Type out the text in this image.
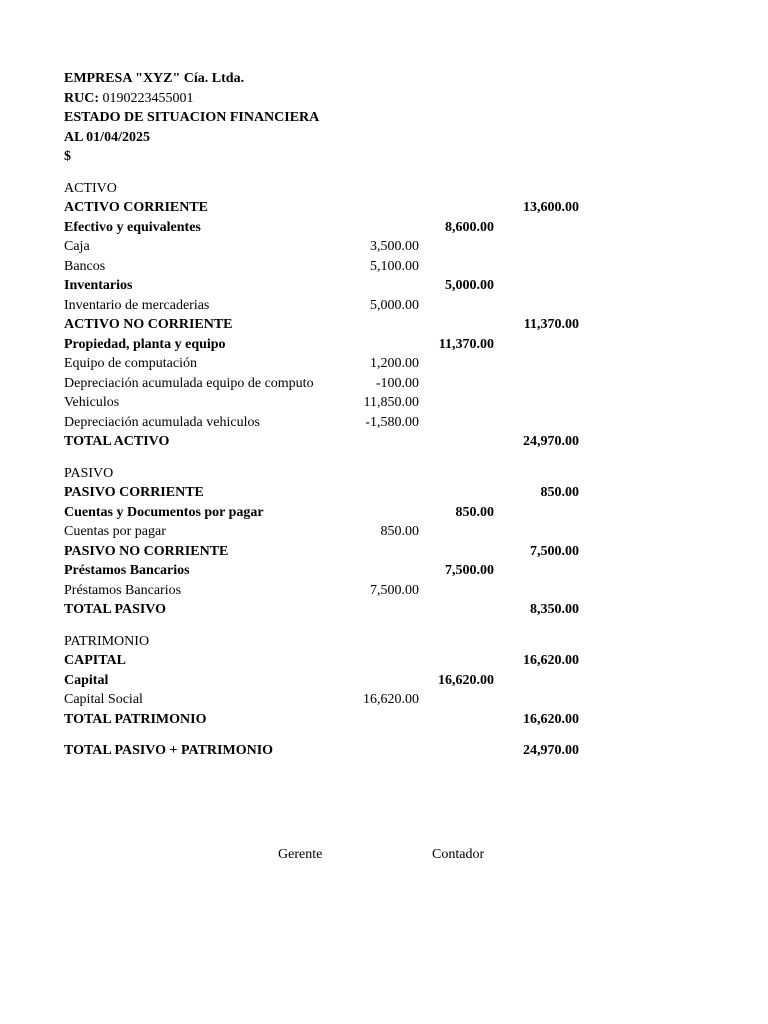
EMPRESA "XYZ" Cía. Ltda.
RUC: 0190223455001
ESTADO DE SITUACION FINANCIERA
AL 01/04/2025
$
ACTIVO
ACTIVO CORRIENTE	13,600.00
Efectivo y equivalentes	8,600.00
Caja	3,500.00
Bancos	5,100.00
Inventarios	5,000.00
Inventario de mercaderias	5,000.00
ACTIVO NO CORRIENTE	11,370.00
Propiedad, planta y equipo	11,370.00
Equipo de computación	1,200.00
Depreciación acumulada equipo de computo	-100.00
Vehiculos	11,850.00
Depreciación acumulada vehiculos	-1,580.00
TOTAL ACTIVO	24,970.00
PASIVO
PASIVO CORRIENTE	850.00
Cuentas y Documentos por pagar	850.00
Cuentas por pagar	850.00
PASIVO NO CORRIENTE	7,500.00
Préstamos Bancarios	7,500.00
Préstamos Bancarios	7,500.00
TOTAL PASIVO	8,350.00
PATRIMONIO
CAPITAL	16,620.00
Capital	16,620.00
Capital Social	16,620.00
TOTAL PATRIMONIO	16,620.00
TOTAL PASIVO + PATRIMONIO	24,970.00
Gerente	Contador
